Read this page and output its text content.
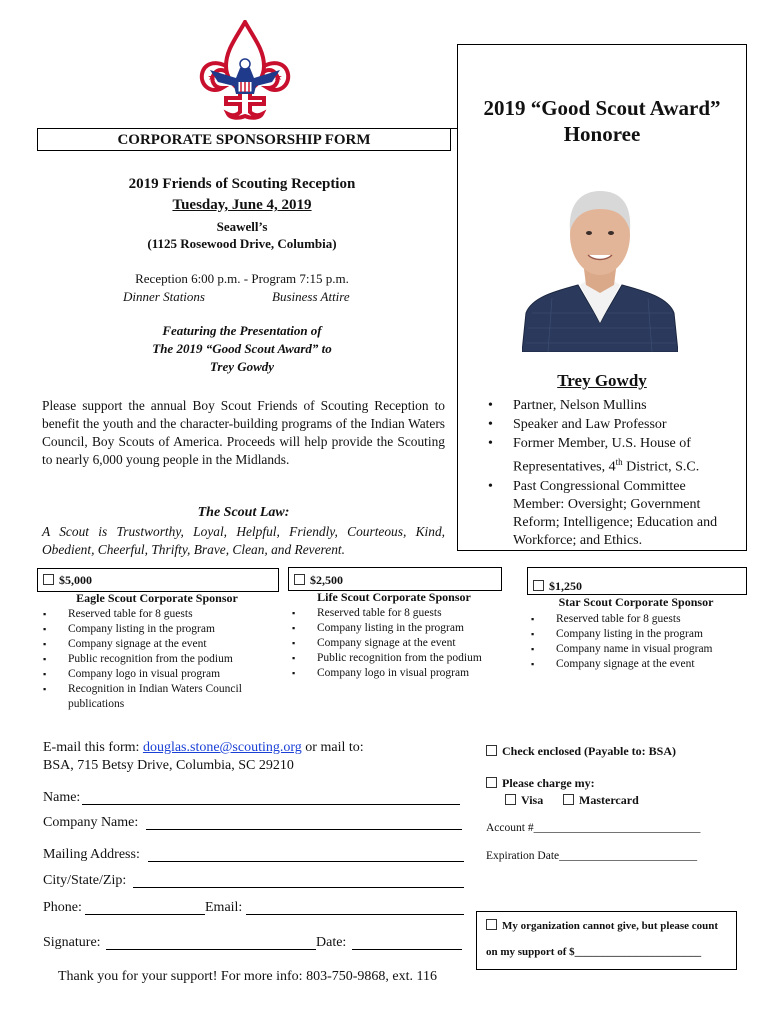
CORPORATE SPONSORSHIP FORM
2019 Friends of Scouting Reception
Tuesday, June 4, 2019
Seawell’s
(1125 Rosewood Drive, Columbia)
Reception 6:00 p.m. - Program 7:15 p.m.
Dinner Stations	Business Attire
Featuring the Presentation of
The 2019 “Good Scout Award” to
Trey Gowdy
Please support the annual Boy Scout Friends of Scouting Reception to benefit the youth and the character-building programs of the Indian Waters Council, Boy Scouts of America. Proceeds will help provide the Scouting to nearly 6,000 young people in the Midlands.
The Scout Law:
A Scout is Trustworthy, Loyal, Helpful, Friendly, Courteous, Kind, Obedient, Cheerful, Thrifty, Brave, Clean, and Reverent.
2019 “Good Scout Award”
Honoree
Trey Gowdy
• Partner, Nelson Mullins
• Speaker and Law Professor
• Former Member, U.S. House of Representatives, 4th District, S.C.
• Past Congressional Committee Member: Oversight; Government Reform; Intelligence; Education and Workforce; and Ethics.
$5,000
Eagle Scout Corporate Sponsor
▪ Reserved table for 8 guests
▪ Company listing in the program
▪ Company signage at the event
▪ Public recognition from the podium
▪ Company logo in visual program
▪ Recognition in Indian Waters Council publications
$2,500
Life Scout Corporate Sponsor
▪ Reserved table for 8 guests
▪ Company listing in the program
▪ Company signage at the event
▪ Public recognition from the podium
▪ Company logo in visual program
$1,250
Star Scout Corporate Sponsor
▪ Reserved table for 8 guests
▪ Company listing in the program
▪ Company name in visual program
▪ Company signage at the event
E-mail this form: douglas.stone@scouting.org or mail to:
BSA, 715 Betsy Drive, Columbia, SC 29210
Name:
Company Name:
Mailing Address:
City/State/Zip:
Phone:	Email:
Signature:	Date:
Thank you for your support! For more info: 803-750-9868, ext. 116
Check enclosed (Payable to: BSA)
Please charge my:
Visa	Mastercard
Account #_____________________________
Expiration Date________________________
My organization cannot give, but please count
on my support of $_______________________
